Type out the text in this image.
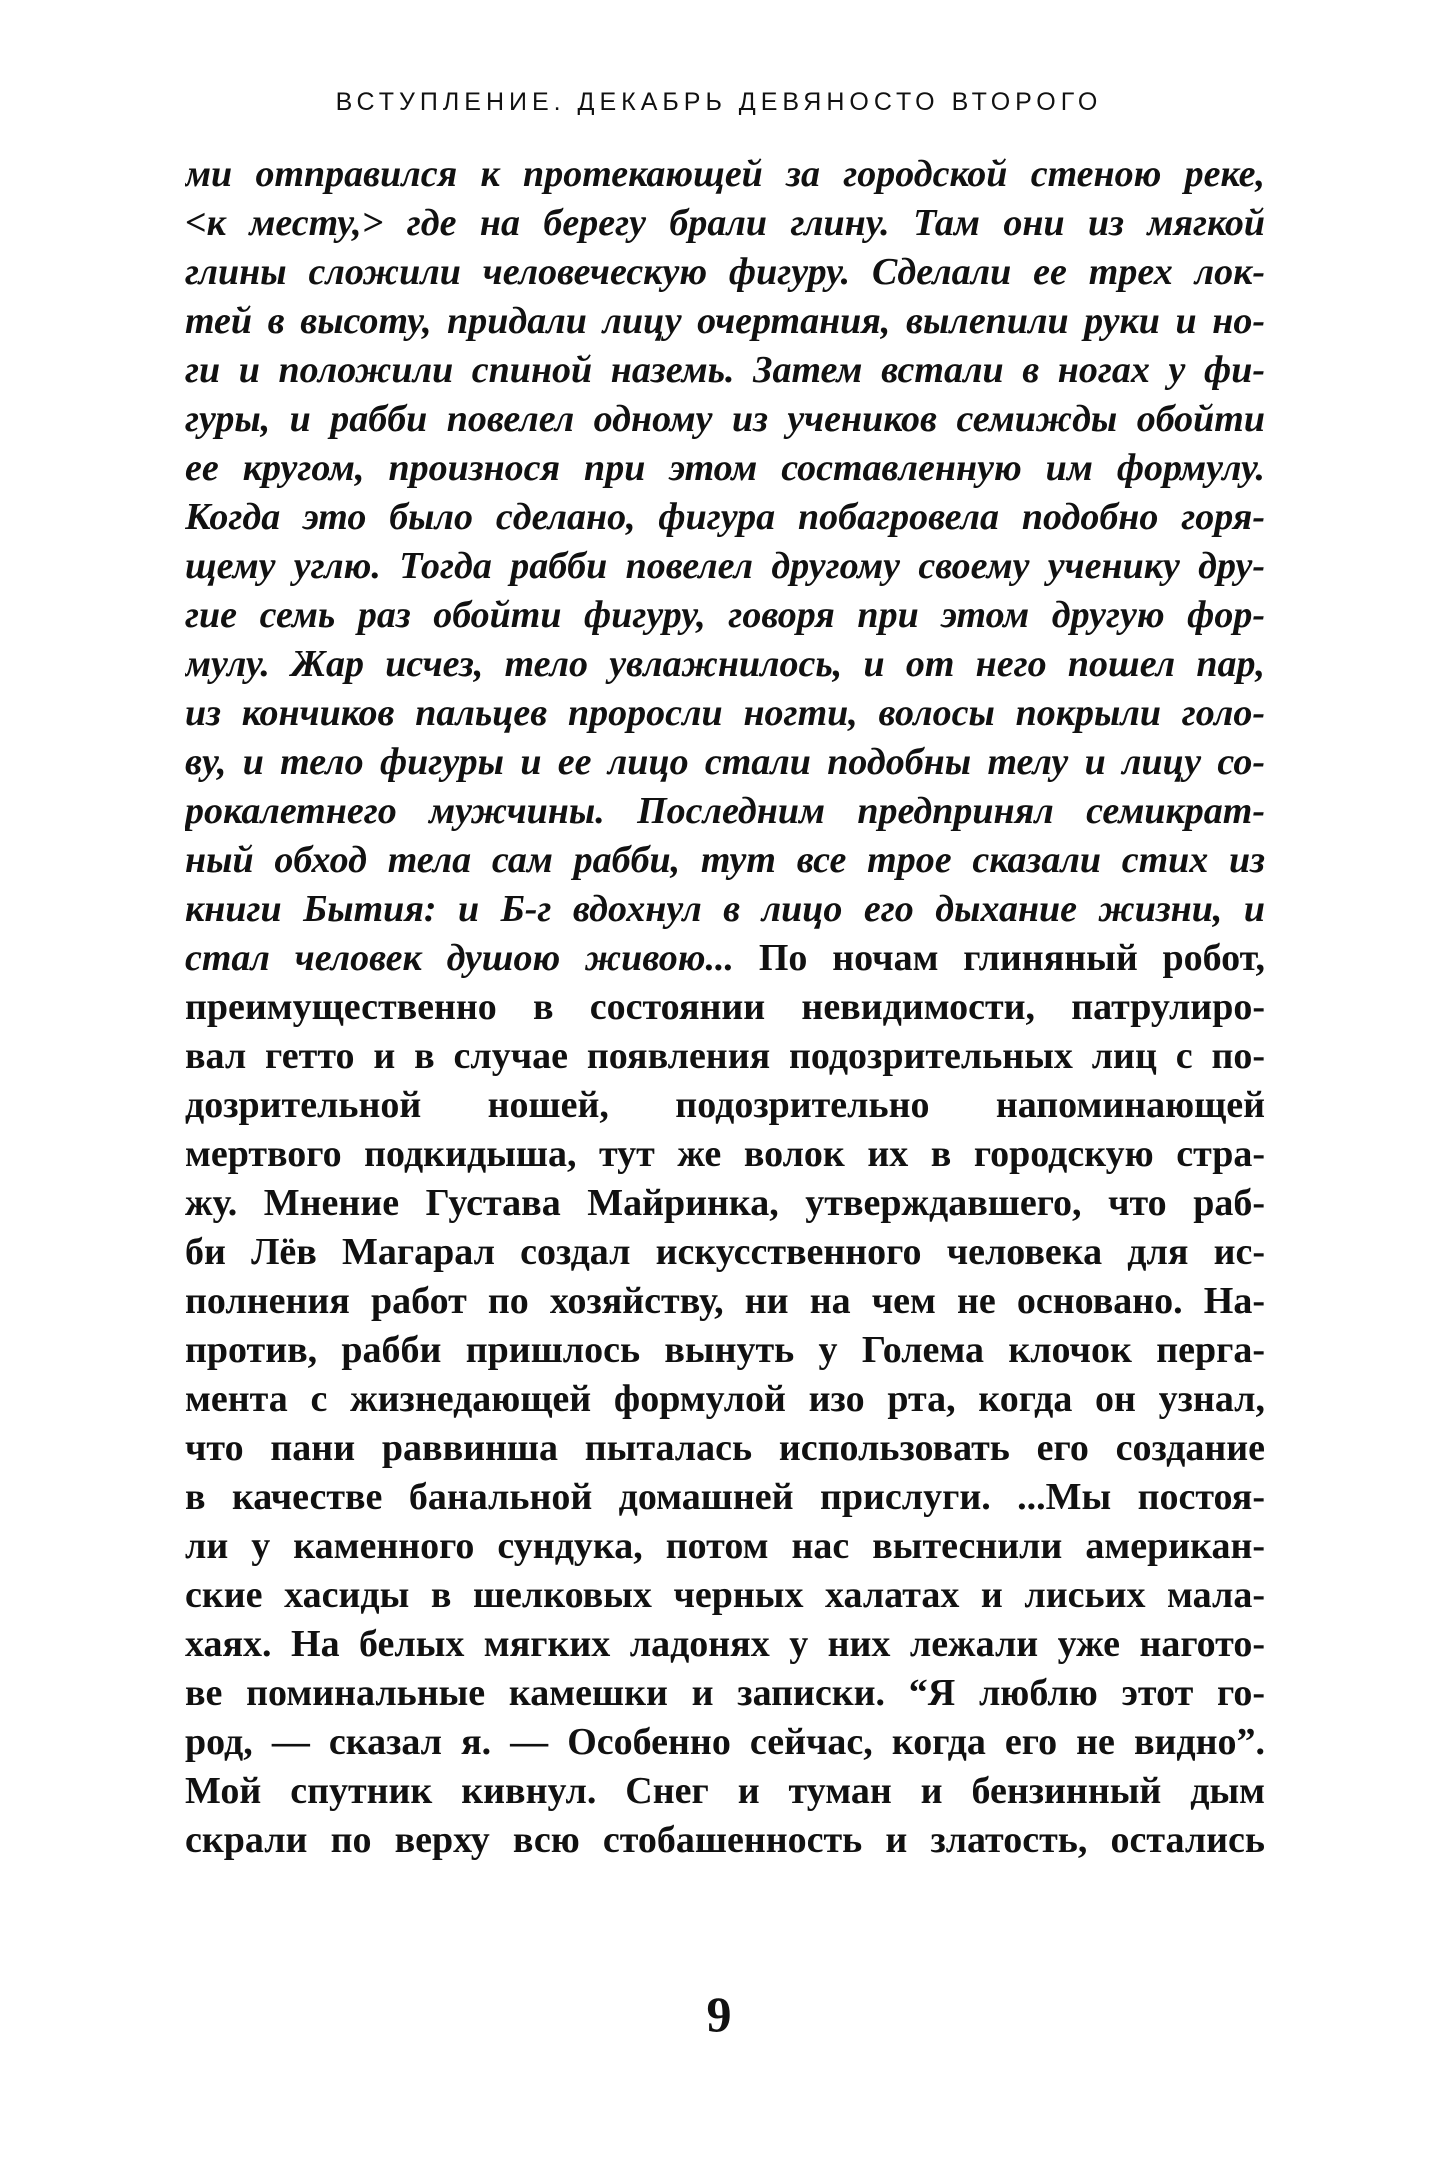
ВСТУПЛЕНИЕ. ДЕКАБРЬ ДЕВЯНОСТО ВТОРОГО
ми отправился к протекающей за городской стеною реке,
<к месту,> где на берегу брали глину. Там они из мягкой
глины сложили человеческую фигуру. Сделали ее трех лок-
тей в высоту, придали лицу очертания, вылепили руки и но-
ги и положили спиной наземь. Затем встали в ногах у фи-
гуры, и рабби повелел одному из учеников семижды обойти
ее кругом, произнося при этом составленную им формулу.
Когда это было сделано, фигура побагровела подобно горя-
щему углю. Тогда рабби повелел другому своему ученику дру-
гие семь раз обойти фигуру, говоря при этом другую фор-
мулу. Жар исчез, тело увлажнилось, и от него пошел пар,
из кончиков пальцев проросли ногти, волосы покрыли голо-
ву, и тело фигуры и ее лицо стали подобны телу и лицу со-
рокалетнего мужчины. Последним предпринял семикрат-
ный обход тела сам рабби, тут все трое сказали стих из
книги Бытия: и Б-г вдохнул в лицо его дыхание жизни, и
стал человек душою живою... По ночам глиняный робот,
преимущественно в состоянии невидимости, патрулиро-
вал гетто и в случае появления подозрительных лиц с по-
дозрительной ношей, подозрительно напоминающей
мертвого подкидыша, тут же волок их в городскую стра-
жу. Мнение Густава Майринка, утверждавшего, что раб-
би Лёв Магарал создал искусственного человека для ис-
полнения работ по хозяйству, ни на чем не основано. На-
против, рабби пришлось вынуть у Голема клочок перга-
мента с жизнедающей формулой изо рта, когда он узнал,
что пани раввинша пыталась использовать его создание
в качестве банальной домашней прислуги. ...Мы постоя-
ли у каменного сундука, потом нас вытеснили американ-
ские хасиды в шелковых черных халатах и лисьих мала-
хаях. На белых мягких ладонях у них лежали уже нагото-
ве поминальные камешки и записки. “Я люблю этот го-
род, — сказал я. — Особенно сейчас, когда его не видно”.
Мой спутник кивнул. Снег и туман и бензинный дым
скрали по верху всю стобашенность и златость, остались
9
